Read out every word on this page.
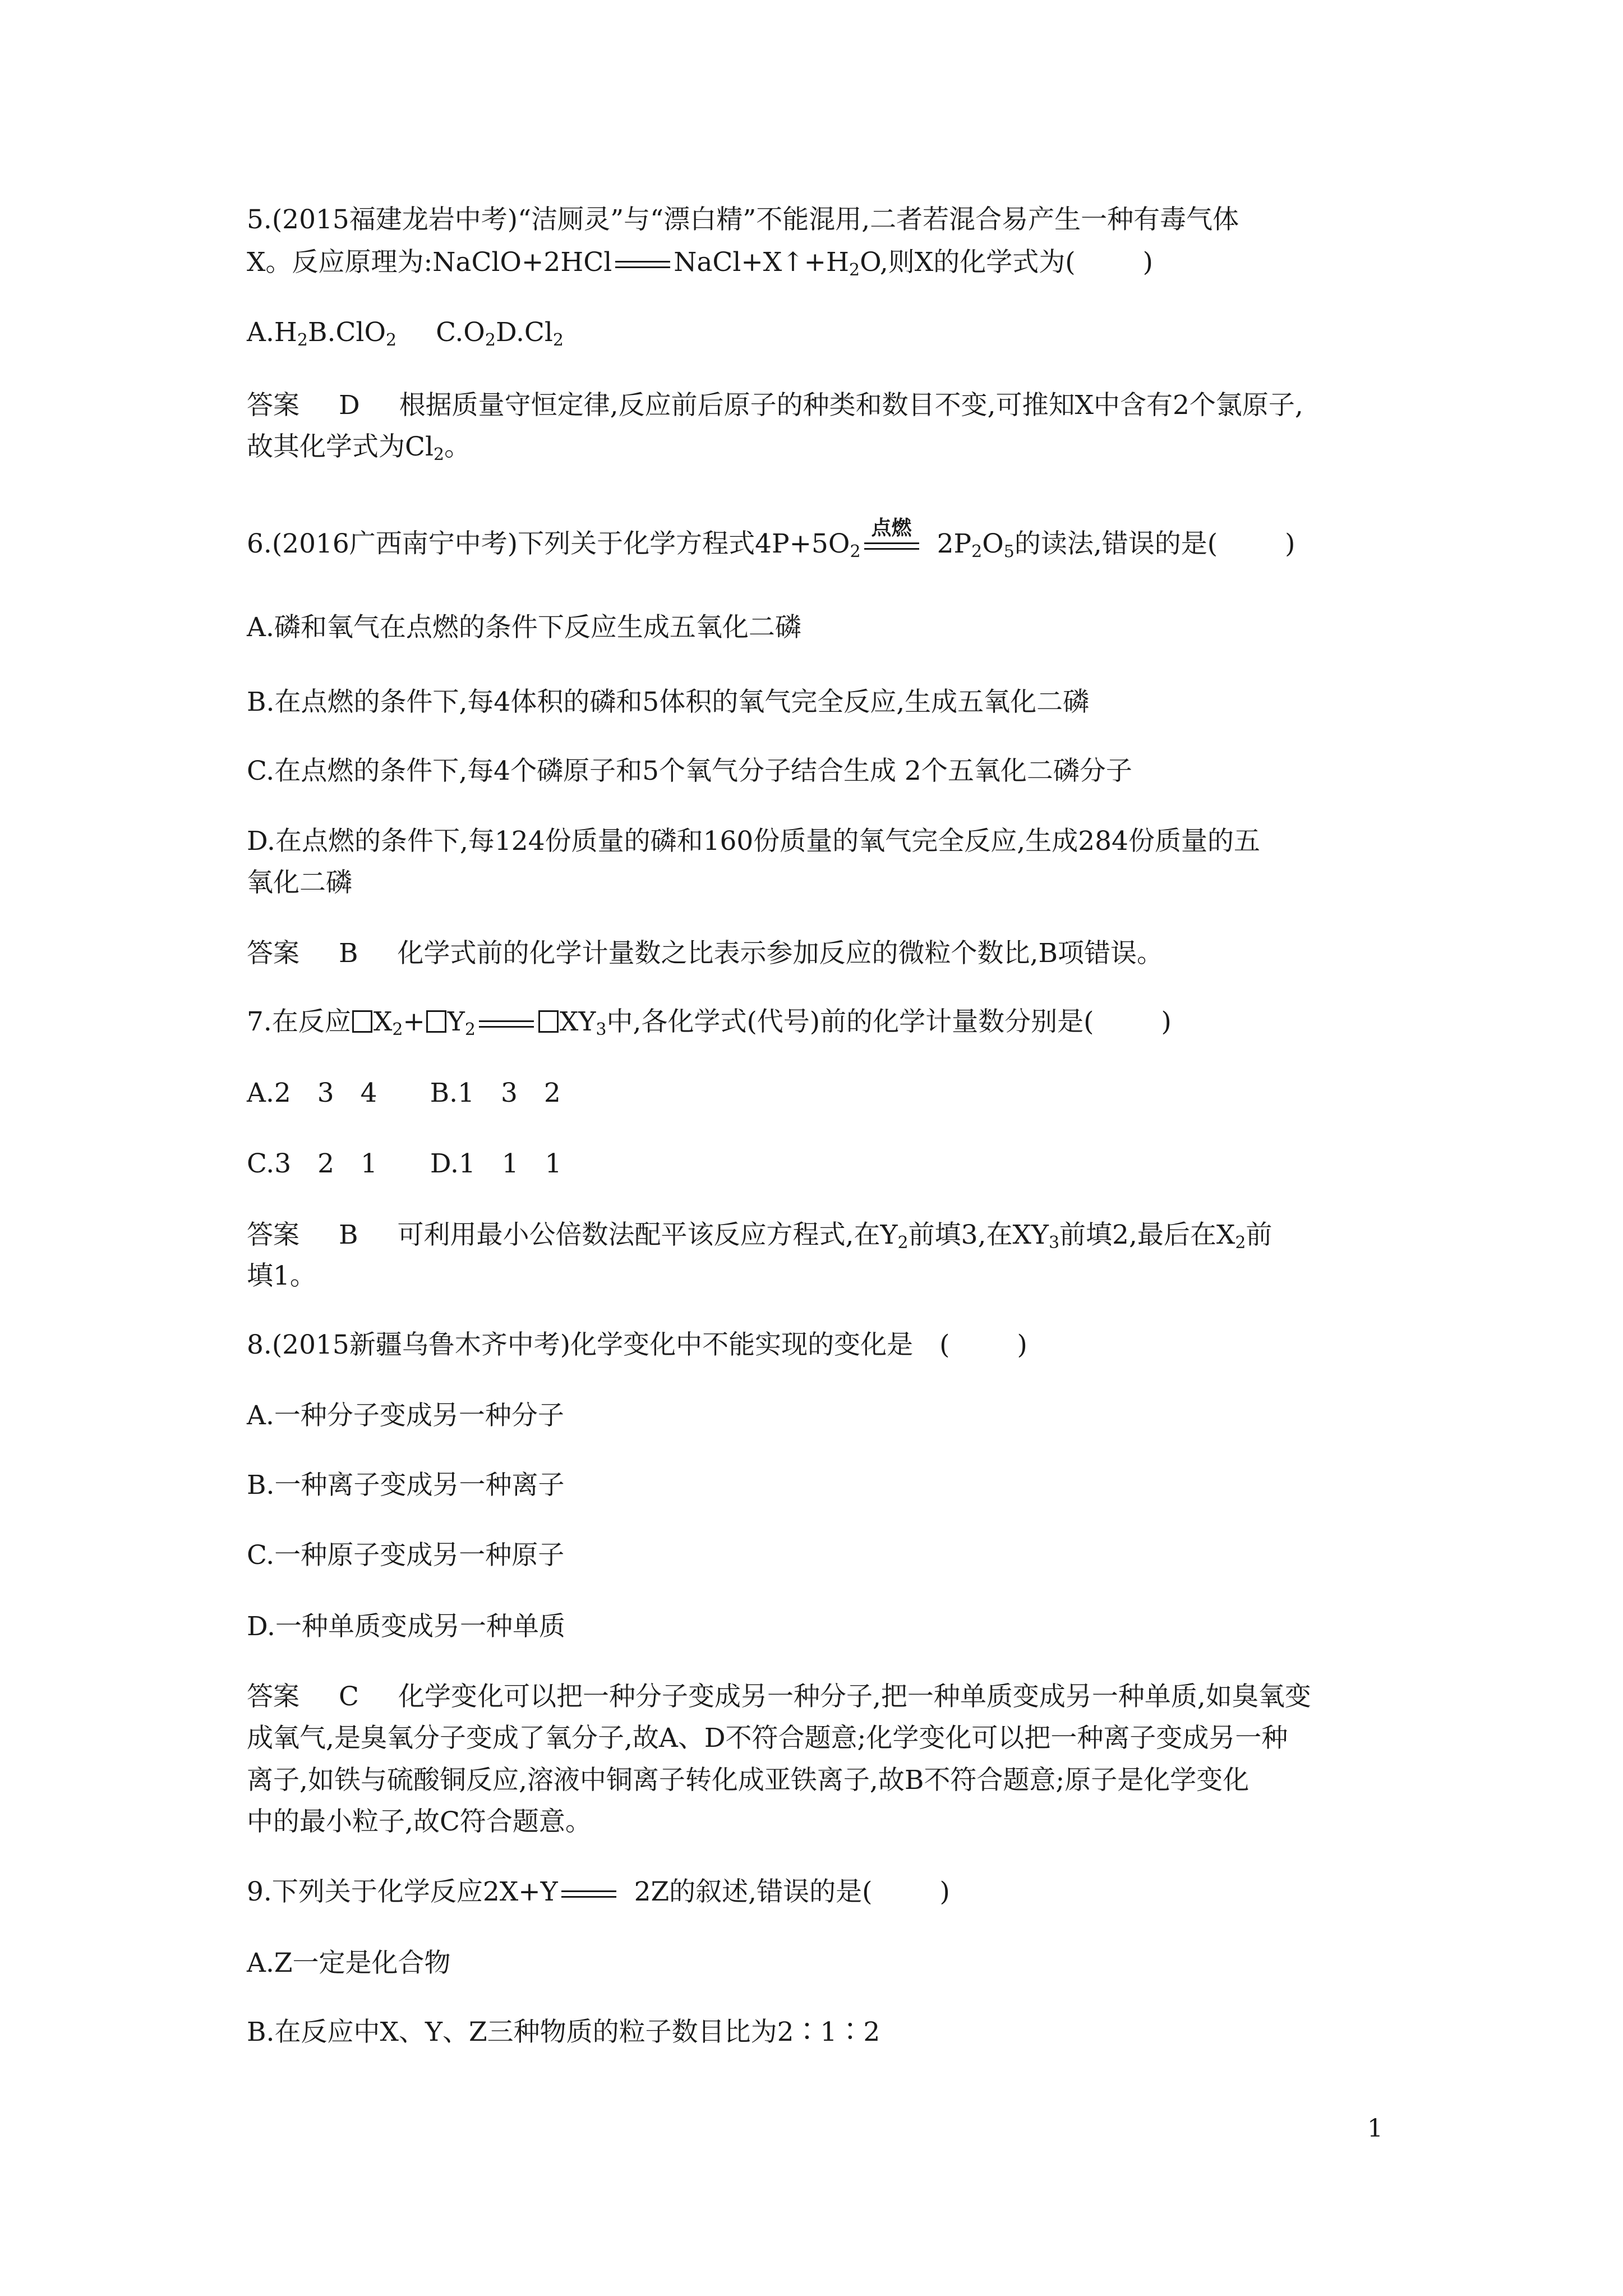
5.(2015福建龙岩中考)“洁厕灵”与“漂白精”不能混用,二者若混合易产生一种有毒气体
X。反应原理为:NaClO+2HCl $NaCl+X↑+H_2O$,则X的化学式为(	)
$A.H_2B.ClO_2$ $C.O_2D.Cl_2$
答案 D 根据质量守恒定律,反应前后原子的种类和数目不变,可推知X中含有2个氯原子,
故其化学式为$Cl_2$。
6.(2016广西南宁中考)下列关于化学方程式$4P+5O_2$
点燃
$2P_2O_5$的读法,错误的是(	)
A.磷和氧气在点燃的条件下反应生成五氧化二磷
B.在点燃的条件下,每4体积的磷和5体积的氧气完全反应,生成五氧化二磷
C.在点燃的条件下,每4个磷原子和5个氧气分子结合生成 2个五氧化二磷分子
D.在点燃的条件下,每124份质量的磷和160份质量的氧气完全反应,生成284份质量的五
氧化二磷
答案 B 化学式前的化学计量数之比表示参加反应的微粒个数比,B项错误。
7.在反应 $X_2+ Y_2$	$XY_3$中,各化学式(代号)前的化学计量数分别是(	)
A.2　3　4　　B.1　3　2
C.3　2　1　　D.1　1　1
答案 B 可利用最小公倍数法配平该反应方程式,在$Y_2$前填3,在$XY_3$前填2,最后在$X_2$前
填1。
8.(2015新疆乌鲁木齐中考)化学变化中不能实现的变化是　(	)
A.一种分子变成另一种分子
B.一种离子变成另一种离子
C.一种原子变成另一种原子
D.一种单质变成另一种单质
答案 C 化学变化可以把一种分子变成另一种分子,把一种单质变成另一种单质,如臭氧变
成氧气,是臭氧分子变成了氧分子,故A、D不符合题意;化学变化可以把一种离子变成另一种
离子,如铁与硫酸铜反应,溶液中铜离子转化成亚铁离子,故B不符合题意;原子是化学变化
中的最小粒子,故C符合题意。
9.下列关于化学反应2X+Y	2Z的叙述,错误的是(	)
A.Z一定是化合物
B.在反应中X、Y、Z三种物质的粒子数目比为2∶1∶2
1
